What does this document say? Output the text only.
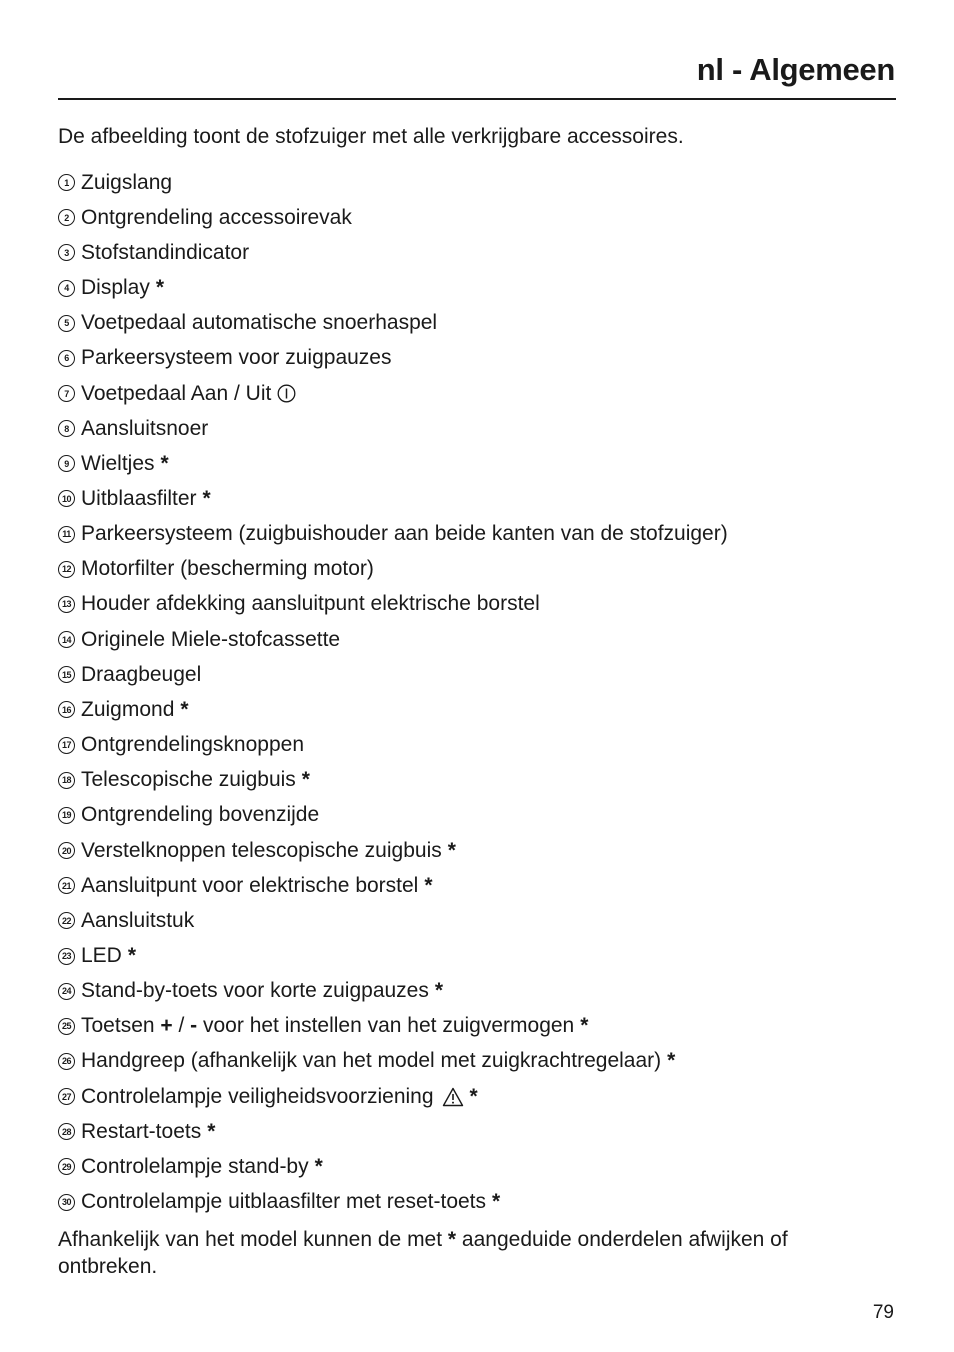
nl - Algemeen
De afbeelding toont de stofzuiger met alle verkrijgbare accessoires.
1 Zuigslang
2 Ontgrendeling accessoirevak
3 Stofstandindicator
4 Display *
5 Voetpedaal automatische snoerhaspel
6 Parkeersysteem voor zuigpauzes
7 Voetpedaal Aan / Uit
8 Aansluitsnoer
9 Wieltjes *
10 Uitblaasfilter *
11 Parkeersysteem (zuigbuishouder aan beide kanten van de stofzuiger)
12 Motorfilter (bescherming motor)
13 Houder afdekking aansluitpunt elektrische borstel
14 Originele Miele-stofcassette
15 Draagbeugel
16 Zuigmond *
17 Ontgrendelingsknoppen
18 Telescopische zuigbuis *
19 Ontgrendeling bovenzijde
20 Verstelknoppen telescopische zuigbuis *
21 Aansluitpunt voor elektrische borstel *
22 Aansluitstuk
23 LED *
24 Stand-by-toets voor korte zuigpauzes *
25 Toetsen + / - voor het instellen van het zuigvermogen *
26 Handgreep (afhankelijk van het model met zuigkrachtregelaar) *
27 Controlelampje veiligheidsvoorziening *
28 Restart-toets *
29 Controlelampje stand-by *
30 Controlelampje uitblaasfilter met reset-toets *
Afhankelijk van het model kunnen de met * aangeduide onderdelen afwijken of ontbreken.
79
